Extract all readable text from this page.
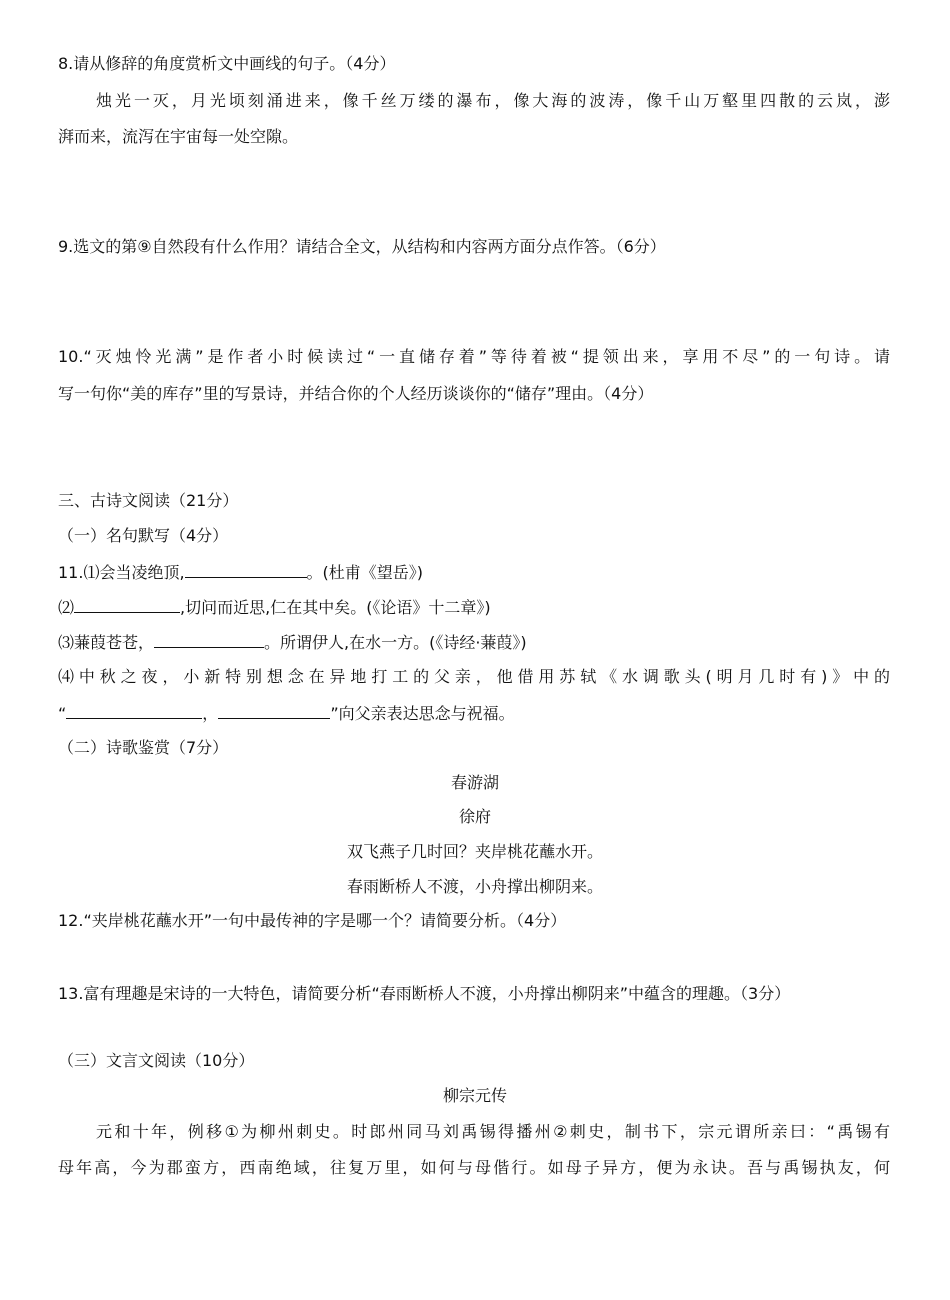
8.请从修辞的角度赏析文中画线的句子。（4分）
烛光一灭，月光顷刻涌进来，像千丝万缕的瀑布，像大海的波涛，像千山万壑里四散的云岚，澎
湃而来，流泻在宇宙每一处空隙。
9.选文的第⑨自然段有什么作用？请结合全文，从结构和内容两方面分点作答。（6分）
10.“灭烛怜光满”是作者小时候读过“一直储存着”等待着被“提领出来，享用不尽”的一句诗。请
写一句你“美的库存”里的写景诗，并结合你的个人经历谈谈你的“储存”理由。（4分）
三、古诗文阅读（21分）
（一）名句默写（4分）
11.⑴会当凌绝顶,	。(杜甫《望岳》)
⑵	,切问而近思,仁在其中矣。(《论语》十二章》)
⑶蒹葭苍苍，	。所谓伊人,在水一方。(《诗经·蒹葭》)
⑷中秋之夜，小新特别想念在异地打工的父亲，他借用苏轼《水调歌头(明月几时有)》中的
“	，	”向父亲表达思念与祝福。
（二）诗歌鉴赏（7分）
春游湖
徐府
双飞燕子几时回？夹岸桃花蘸水开。
春雨断桥人不渡，小舟撑出柳阴来。
12.“夹岸桃花蘸水开”一句中最传神的字是哪一个？请简要分析。（4分）
13.富有理趣是宋诗的一大特色，请简要分析“春雨断桥人不渡，小舟撑出柳阴来”中蕴含的理趣。（3分）
（三）文言文阅读（10分）
柳宗元传
元和十年，例移①为柳州刺史。时郎州同马刘禹锡得播州②刺史，制书下，宗元谓所亲曰：“禹锡有
母年高，今为郡蛮方，西南绝域，往复万里，如何与母偕行。如母子异方，便为永诀。吾与禹锡执友，何
